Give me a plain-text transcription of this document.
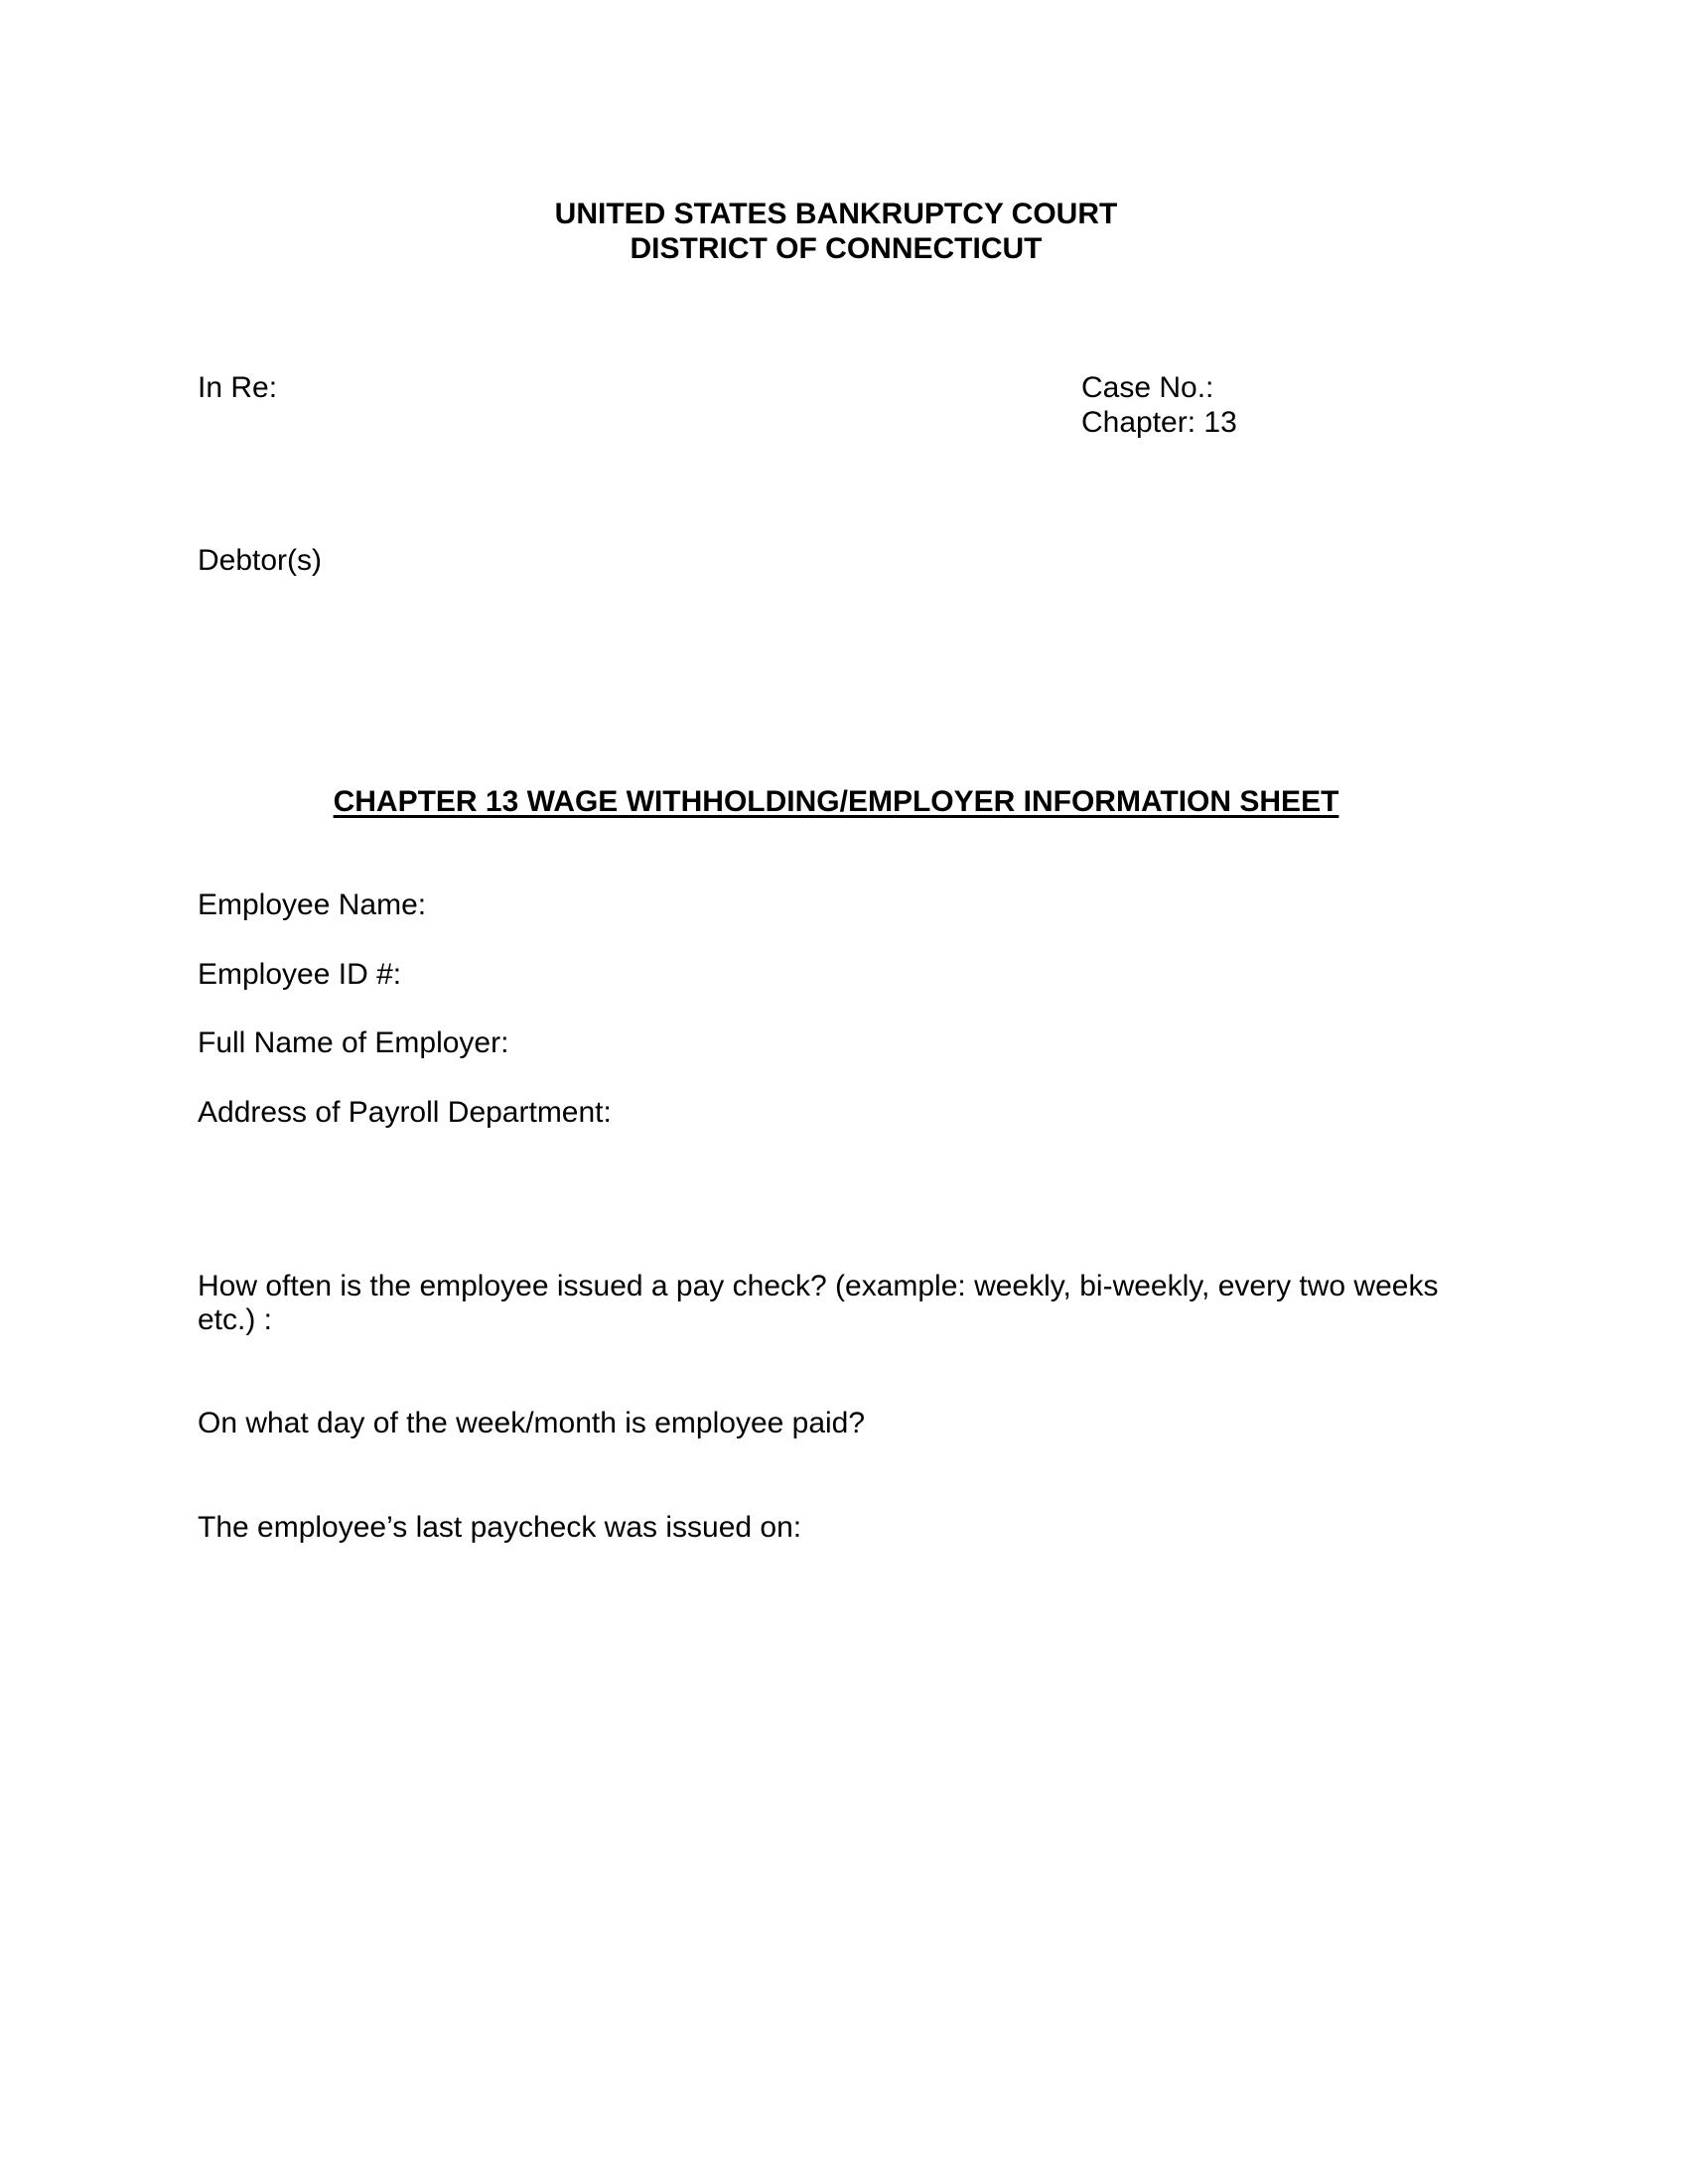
UNITED STATES BANKRUPTCY COURT
DISTRICT OF CONNECTICUT
In Re:	Case No.:
Chapter: 13
Debtor(s)
CHAPTER 13 WAGE WITHHOLDING/EMPLOYER INFORMATION SHEET
Employee Name:
Employee ID #:
Full Name of Employer:
Address of Payroll Department:
How often is the employee issued a pay check? (example: weekly, bi-weekly, every two weeks
etc.) :
On what day of the week/month is employee paid?
The employee’s last paycheck was issued on:
